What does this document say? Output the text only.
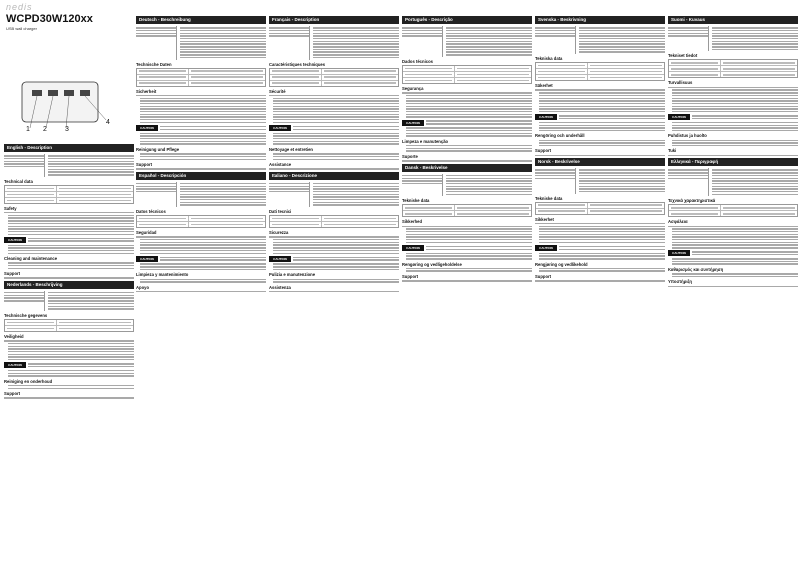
nedis
WCPD30W120xx
USB wall charger
1 2	3
4
English - Description
Technical data
Safety
CAUTION
Cleaning and maintenance
Support
Nederlands - Beschrijving
Technische gegevens
Veiligheid
CAUTION
Reiniging en onderhoud
Support
Deutsch - Beschreibung
Technische Daten
Sicherheit
CAUTION
Reinigung und Pflege
Support
Español - Descripción
Datos técnicos
Seguridad
CAUTION
Limpieza y mantenimiento
Apoyo
Français - Description
Caractéristiques techniques
Sécurité
CAUTION
Nettoyage et entretien
Assistance
Italiano - Descrizione
Dati tecnici
Sicurezza
CAUTION
Pulizia e manutenzione
Assistenza
Português - Descrição
Dados técnicos
Segurança
CAUTION
Limpeza e manutenção
Suporte
Dansk - Beskrivelse
Tekniske data
Sikkerhed
CAUTION
Rengøring og vedligeholdelse
Support
Svenska - Beskrivning
Tekniska data
Säkerhet
CAUTION
Rengöring och underhåll
Support
Norsk - Beskrivelse
Tekniske data
Sikkerhet
CAUTION
Rengjøring og vedlikehold
Support
Suomi - Kuvaus
Tekniset tiedot
Turvallisuus
CAUTION
Puhdistus ja huolto
Tuki
Ελληνικά - Περιγραφή
Τεχνικά χαρακτηριστικά
Ασφάλεια
CAUTION
Καθαρισμός και συντήρηση
Υποστήριξη
